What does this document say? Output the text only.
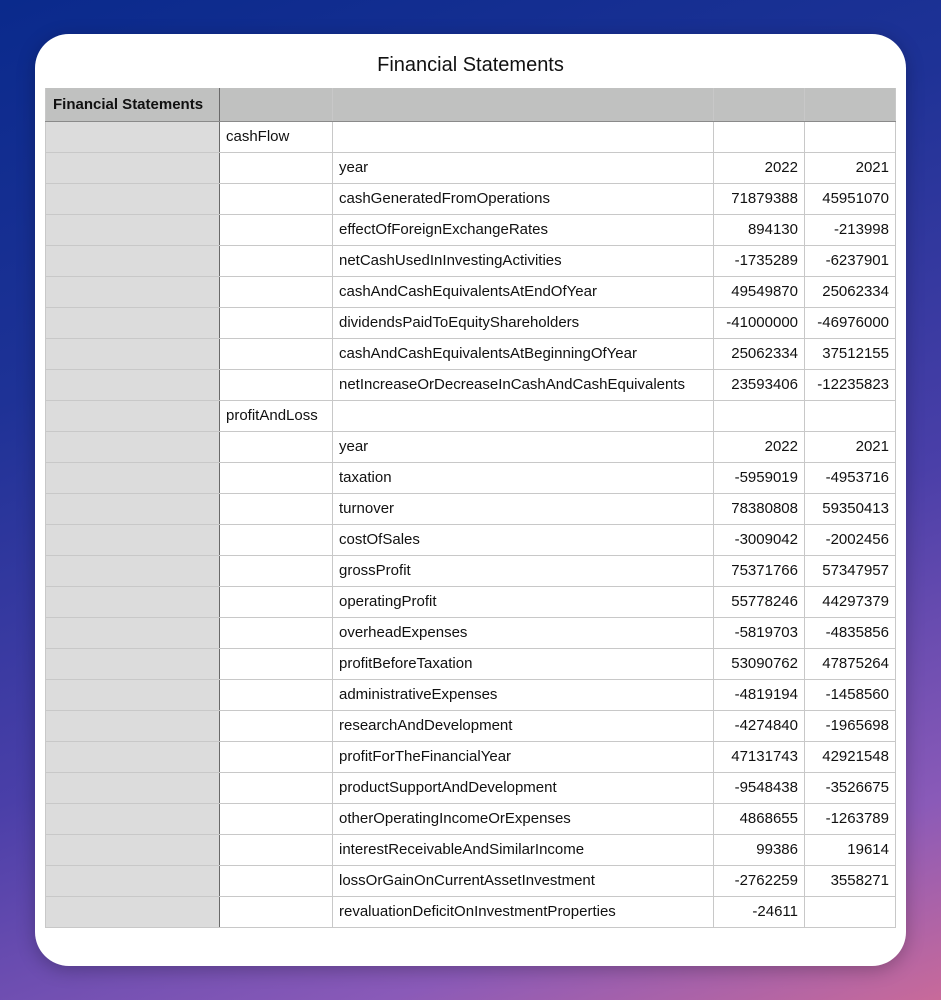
Financial Statements
Financial Statements				
	cashFlow			
		year	2022	2021
		cashGeneratedFromOperations	71879388	45951070
		effectOfForeignExchangeRates	894130	-213998
		netCashUsedInInvestingActivities	-1735289	-6237901
		cashAndCashEquivalentsAtEndOfYear	49549870	25062334
		dividendsPaidToEquityShareholders	-41000000	-46976000
		cashAndCashEquivalentsAtBeginningOfYear	25062334	37512155
		netIncreaseOrDecreaseInCashAndCashEquivalents	23593406	-12235823
	profitAndLoss			
		year	2022	2021
		taxation	-5959019	-4953716
		turnover	78380808	59350413
		costOfSales	-3009042	-2002456
		grossProfit	75371766	57347957
		operatingProfit	55778246	44297379
		overheadExpenses	-5819703	-4835856
		profitBeforeTaxation	53090762	47875264
		administrativeExpenses	-4819194	-1458560
		researchAndDevelopment	-4274840	-1965698
		profitForTheFinancialYear	47131743	42921548
		productSupportAndDevelopment	-9548438	-3526675
		otherOperatingIncomeOrExpenses	4868655	-1263789
		interestReceivableAndSimilarIncome	99386	19614
		lossOrGainOnCurrentAssetInvestment	-2762259	3558271
		revaluationDeficitOnInvestmentProperties	-24611	
